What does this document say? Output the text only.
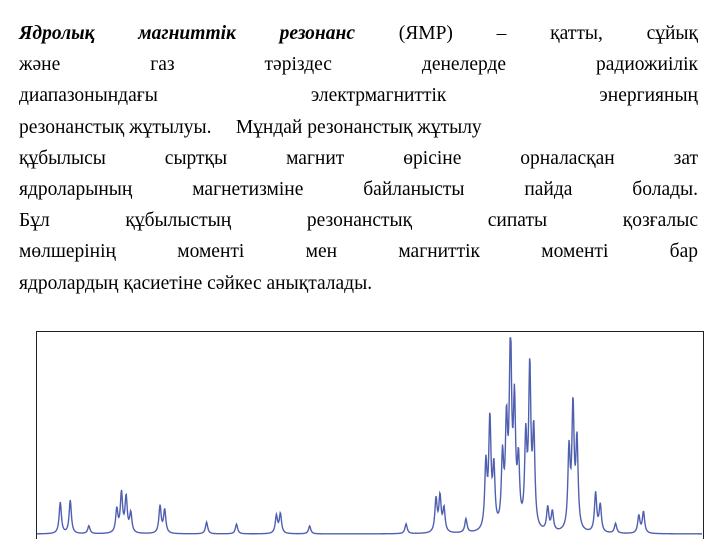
Ядролық магниттік резонанс (ЯМР) – қатты, сұйық
және газ тәріздес денелерде радиожиілік
диапазонындағы электрмагниттік энергияның
резонанстық жұтылуы.     Мұндай резонанстық жұтылу
құбылысы сыртқы магнит өрісіне орналасқан зат
ядроларының магнетизміне байланысты пайда болады.
Бұл құбылыстың резонанстық сипаты қозғалыс
мөлшерінің моменті мен магниттік моменті бар
ядролардың қасиетіне сәйкес анықталады.
